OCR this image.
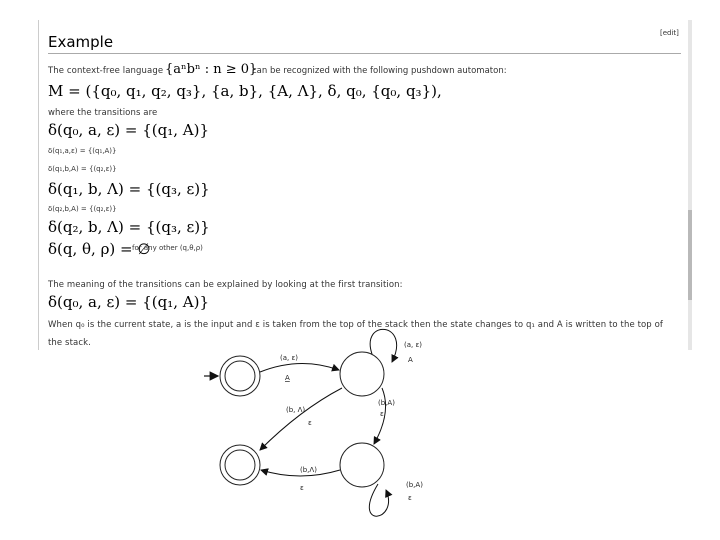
Example	[edit]
The context-free language {aⁿbⁿ : n ≥ 0}
can be recognized with the following pushdown automaton:
M = ({q₀, q₁, q₂, q₃}, {a, b}, {A, Ʌ}, δ, q₀, {q₀, q₃}),
where the transitions are
δ(q₀, a, ε) = {(q₁, A)}
δ(q₁,a,ε) = {(q₁,A)}
δ(q₁,b,A) = {(q₂,ε)}
δ(q₁, b, Ʌ) = {(q₃, ε)}
δ(q₂,b,A) = {(q₂,ε)}
δ(q₂, b, Ʌ) = {(q₃, ε)}
δ(q, θ, ρ) = ∅
for any other (q,θ,ρ)
The meaning of the transitions can be explained by looking at the first transition:
δ(q₀, a, ε) = {(q₁, A)}
When q₀ is the current state, a is the input and ε is taken from the top of the stack then the state changes to q₁ and A is written to the top of
the stack.
(a, ε)
A
(a, ε)
A
(b,A)
ε
(b, Ʌ)
ε
(b,Ʌ)
ε	(b,A)
ε
